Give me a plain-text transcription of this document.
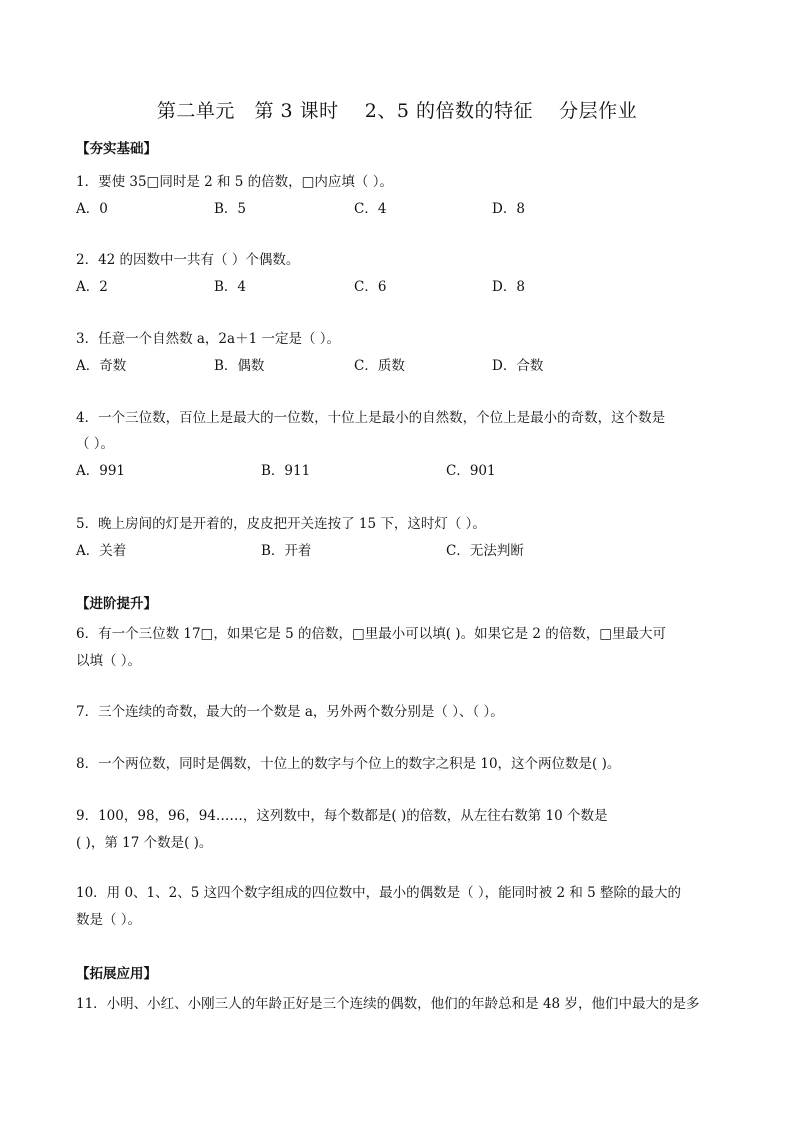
第二单元   第 3 课时    2、5 的倍数的特征    分层作业
【夯实基础】
1．要使 35□同时是 2 和 5 的倍数，□内应填（ ）。
A．0	B．5	C．4	D．8
2．42 的因数中一共有（ ）个偶数。
A．2	B．4	C．6	D．8
3．任意一个自然数 a，2a＋1 一定是（ ）。
A．奇数	B．偶数	C．质数	D．合数
4．一个三位数，百位上是最大的一位数，十位上是最小的自然数，个位上是最小的奇数，这个数是
（ ）。
A．991	B．911	C．901
5．晚上房间的灯是开着的，皮皮把开关连按了 15 下，这时灯（ ）。
A．关着	B．开着	C．无法判断
【进阶提升】
6．有一个三位数 17□，如果它是 5 的倍数，□里最小可以填( )。如果它是 2 的倍数，□里最大可
以填（ ）。
7．三个连续的奇数，最大的一个数是 a，另外两个数分别是（ ）、（ ）。
8．一个两位数，同时是偶数，十位上的数字与个位上的数字之积是 10，这个两位数是( )。
9．100，98，96，94……，这列数中，每个数都是( )的倍数，从左往右数第 10 个数是
( )，第 17 个数是( )。
10．用 0、1、2、5 这四个数字组成的四位数中，最小的偶数是（ ），能同时被 2 和 5 整除的最大的
数是（ ）。
【拓展应用】
11．小明、小红、小刚三人的年龄正好是三个连续的偶数，他们的年龄总和是 48 岁，他们中最大的是多
